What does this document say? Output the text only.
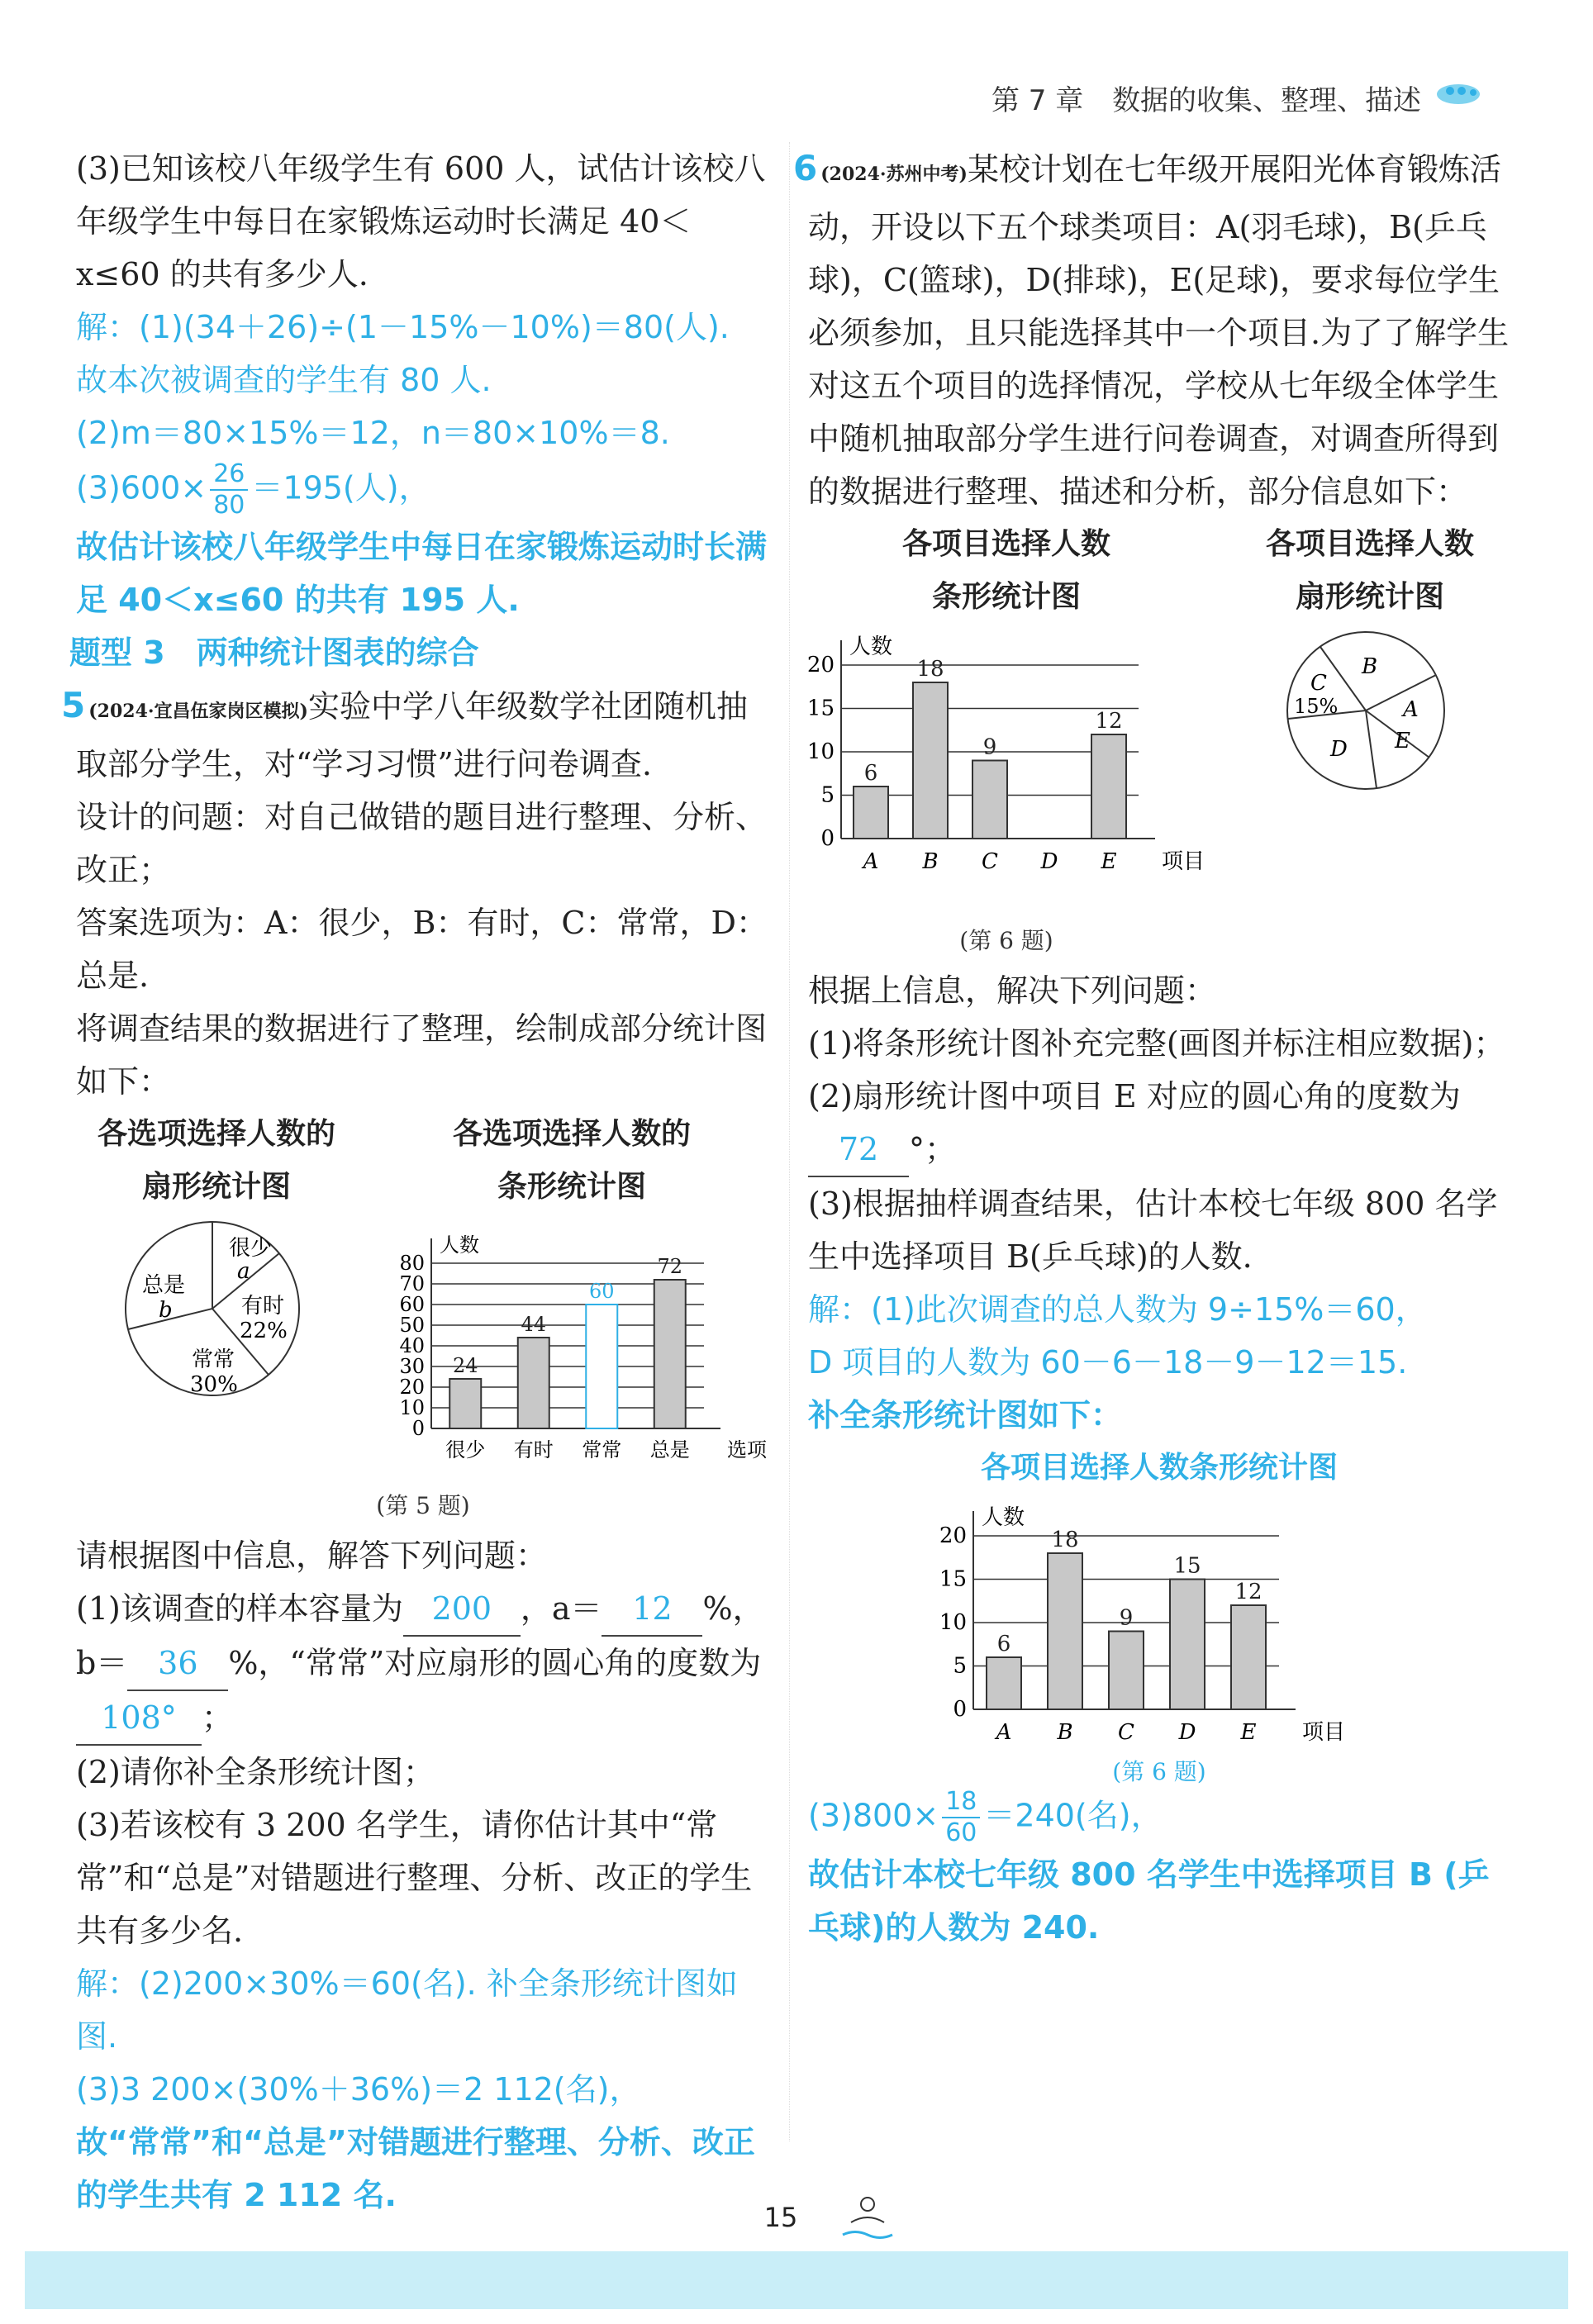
第 7 章 数据的收集、整理、描述

(3)已知该校八年级学生有 600 人，试估计该校八年级学生中每日在家锻炼运动时长满足 40＜x≤60 的共有多少人.

解：(1)(34＋26)÷(1－15%－10%)＝80(人).

故本次被调查的学生有 80 人.

(2)m＝80×15%＝12，n＝80×10%＝8.

$(3)600\times \frac{26}{80} =195$(人)，

故估计该校八年级学生中每日在家锻炼运动时长满足 40＜x≤60 的共有 195 人.

题型 3　两种统计图表的综合

5 (2024·宜昌伍家岗区模拟)实验中学八年级数学社团随机抽取部分学生，对“学习习惯”进行问卷调查.

设计的问题：对自己做错的题目进行整理、分析、改正；

答案选项为：A：很少，B：有时，C：常常，D：总是.

将调查结果的数据进行了整理，绘制成部分统计图如下：

各选项选择人数的
扇形统计图
很少
a
有时
22%
常常
30%
总是
b
各选项选择人数的
条形统计图
0
10
20
30
40
50
60
70
80
人数
很少
24
有时
44
常常
60
总是
72
选项
(第 5 题)

请根据图中信息，解答下列问题：

(1)该调查的样本容量为 200 ，a＝ 12 %，b＝ 36 %，“常常”对应扇形的圆心角的度数为108° ；

(2)请你补全条形统计图；

(3)若该校有 3 200 名学生，请你估计其中“常常”和“总是”对错题进行整理、分析、改正的学生共有多少名.

解：(2)200×30%＝60(名). 补全条形统计图如图.

(3)3 200×(30%＋36%)＝2 112(名)，

故“常常”和“总是”对错题进行整理、分析、改正的学生共有 2 112 名.

6 (2024·苏州中考)某校计划在七年级开展阳光体育锻炼活动，开设以下五个球类项目：A(羽毛球)，B(乒乓球)，C(篮球)，D(排球)，E(足球)，要求每位学生必须参加，且只能选择其中一个项目.为了了解学生对这五个项目的选择情况，学校从七年级全体学生中随机抽取部分学生进行问卷调查，对调查所得到的数据进行整理、描述和分析，部分信息如下：

各项目选择人数
条形统计图
0
5
10
15
20
人数
A
6
B
18
C
9
D E
12
项目
各项目选择人数
扇形统计图
B
A
C
15%
D E
(第 6 题)

根据上信息，解决下列问题：

(1)将条形统计图补充完整(画图并标注相应数据)；

(2)扇形统计图中项目 E 对应的圆心角的度数为72 °；

(3)根据抽样调查结果，估计本校七年级 800 名学生中选择项目 B(乒乓球)的人数.

解：(1)此次调查的总人数为 9÷15%＝60，

D 项目的人数为 60－6－18－9－12＝15.

补全条形统计图如下：

各项目选择人数条形统计图
0
5
10
15
20
人数
A
6
B
18
C
9
D
15
E
12
项目
(第 6 题)

$(3)800\times \frac{18}{60} =240$(名)，

故估计本校七年级 800 名学生中选择项目 B (乒乓球)的人数为 240.

15
